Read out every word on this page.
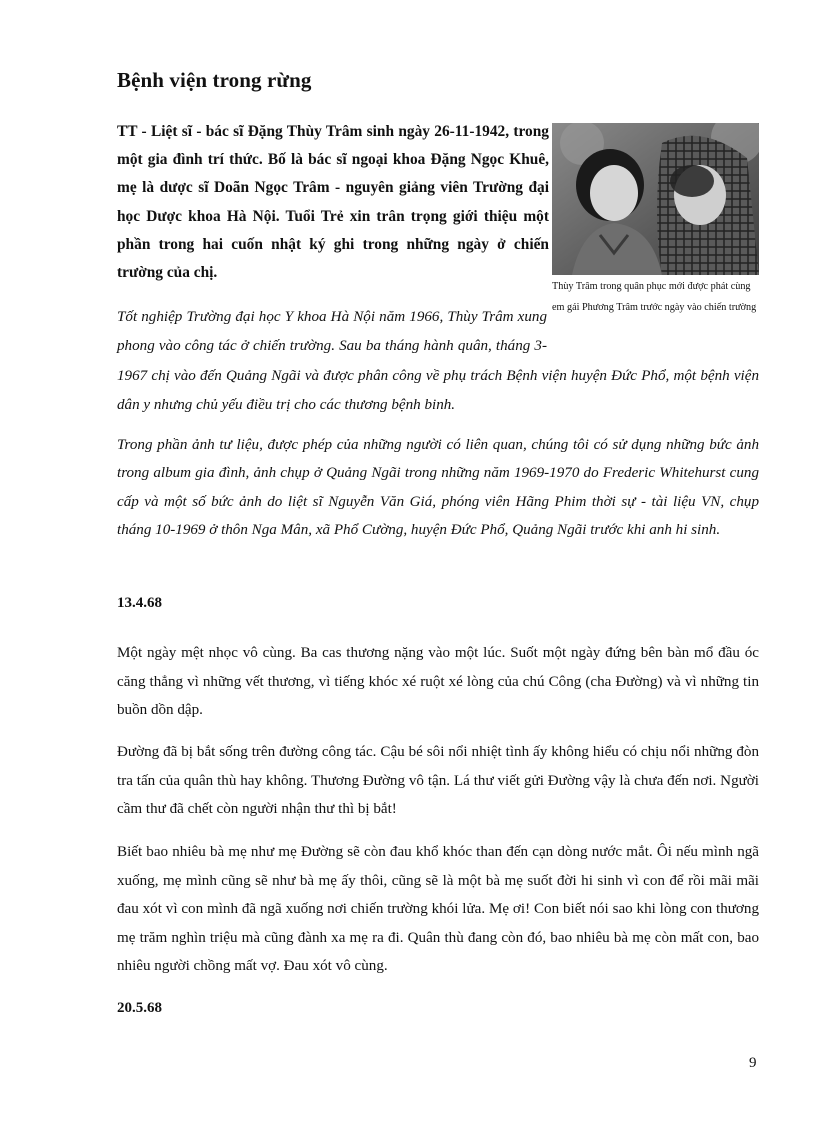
Bệnh viện trong rừng

TT - Liệt sĩ - bác sĩ Đặng Thùy Trâm sinh ngày 26-11-1942, trong một gia đình trí thức. Bố là bác sĩ ngoại khoa Đặng Ngọc Khuê, mẹ là dược sĩ Doãn Ngọc Trâm - nguyên giảng viên Trường đại học Dược khoa Hà Nội. Tuổi Trẻ xin trân trọng giới thiệu một phần trong hai cuốn nhật ký ghi trong những ngày ở chiến trường của chị.

Thùy Trâm trong quân phục mới được phát cùng em gái Phương Trâm trước ngày vào chiến trường

Tốt nghiệp Trường đại học Y khoa Hà Nội năm 1966, Thùy Trâm xung phong vào công tác ở chiến trường. Sau ba tháng hành quân, tháng 3-1967 chị vào đến Quảng Ngãi và được phân công về phụ trách Bệnh viện huyện Đức Phổ, một bệnh viện dân y nhưng chủ yếu điều trị cho các thương bệnh binh.

Trong phần ảnh tư liệu, được phép của những người có liên quan, chúng tôi có sử dụng những bức ảnh trong album gia đình, ảnh chụp ở Quảng Ngãi trong những năm 1969-1970 do Frederic Whitehurst cung cấp và một số bức ảnh do liệt sĩ Nguyễn Văn Giá, phóng viên Hãng Phim thời sự - tài liệu VN, chụp tháng 10-1969 ở thôn Nga Mân, xã Phổ Cường, huyện Đức Phổ, Quảng Ngãi trước khi anh hi sinh.

13.4.68

Một ngày mệt nhọc vô cùng. Ba cas thương nặng vào một lúc. Suốt một ngày đứng bên bàn mổ đầu óc căng thẳng vì những vết thương, vì tiếng khóc xé ruột xé lòng của chú Công (cha Đường) và vì những tin buồn dồn dập.

Đường đã bị bắt sống trên đường công tác. Cậu bé sôi nổi nhiệt tình ấy không hiểu có chịu nổi những đòn tra tấn của quân thù hay không. Thương Đường vô tận. Lá thư viết gửi Đường vậy là chưa đến nơi. Người cầm thư đã chết còn người nhận thư thì bị bắt!

Biết bao nhiêu bà mẹ như mẹ Đường sẽ còn đau khổ khóc than đến cạn dòng nước mắt. Ôi nếu mình ngã xuống, mẹ mình cũng sẽ như bà mẹ ấy thôi, cũng sẽ là một bà mẹ suốt đời hi sinh vì con để rồi mãi mãi đau xót vì con mình đã ngã xuống nơi chiến trường khói lửa. Mẹ ơi! Con biết nói sao khi lòng con thương mẹ trăm nghìn triệu mà cũng đành xa mẹ ra đi. Quân thù đang còn đó, bao nhiêu bà mẹ còn mất con, bao nhiêu người chồng mất vợ. Đau xót vô cùng.

20.5.68

9
